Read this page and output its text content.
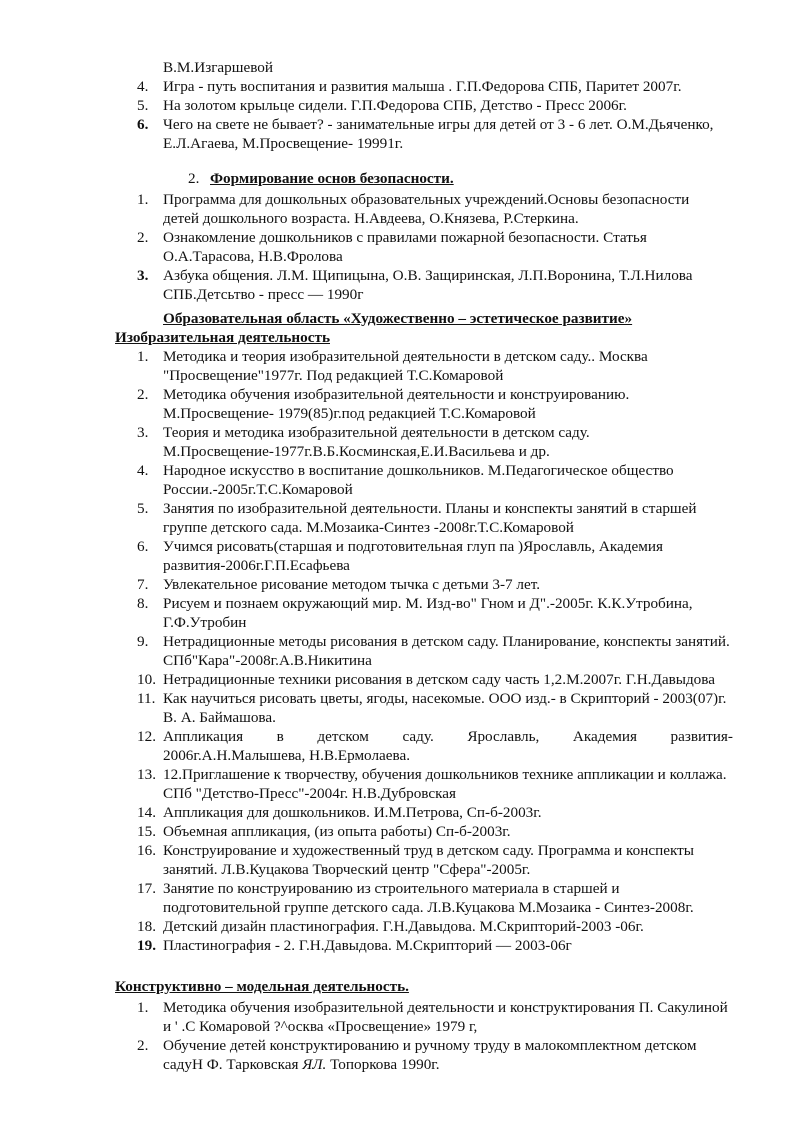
В.М.Изгаршевой
4. Игра - путь воспитания и развития малыша . Г.П.Федорова СПБ, Паритет 2007г.
5. На золотом крыльце сидели. Г.П.Федорова СПБ, Детство - Пресс 2006г.
6. Чего на свете не бывает? - занимательные игры для детей от 3 - 6 лет. О.М.Дьяченко, Е.Л.Агаева, М.Просвещение- 19991г.
2. Формирование основ безопасности.
1. Программа для дошкольных образовательных учреждений.Основы безопасности детей дошкольного возраста. Н.Авдеева, О.Князева, Р.Стеркина.
2. Ознакомление дошкольников с правилами пожарной безопасности. Статья О.А.Тарасова, Н.В.Фролова
3. Азбука общения. Л.М. Щипицына, О.В. Защиринская, Л.П.Воронина, Т.Л.Нилова СПБ.Детсьтво - пресс — 1990г
Образовательная область «Художественно – эстетическое развитие»
Изобразительная деятельность
1. Методика и теория изобразительной деятельности в детском саду.. Москва "Просвещение"1977г. Под редакцией Т.С.Комаровой
2. Методика обучения изобразительной деятельности и конструированию. М.Просвещение- 1979(85)г.под редакцией Т.С.Комаровой
3. Теория и методика изобразительной деятельности в детском саду. М.Просвещение-1977г.В.Б.Косминская,Е.И.Васильева и др.
4. Народное искусство в воспитание дошкольников. М.Педагогическое общество России.-2005г.Т.С.Комаровой
5. Занятия по изобразительной деятельности. Планы и конспекты занятий в старшей группе детского сада. М.Мозаика-Синтез -2008г.Т.С.Комаровой
6. Учимся рисовать(старшая и подготовительная глуп па )Ярославль, Академия развития-2006г.Г.П.Есафьева
7. Увлекательное рисование методом тычка с детьми 3-7 лет.
8. Рисуем и познаем окружающий мир. М. Изд-во" Гном и Д".-2005г. К.К.Утробина, Г.Ф.Утробин
9. Нетрадиционные методы рисования в детском саду. Планирование, конспекты занятий. СПб"Кара"-2008г.А.В.Никитина
10. Нетрадиционные техники рисования в детском саду часть 1,2.М.2007г. Г.Н.Давыдова
11. Как научиться рисовать цветы, ягоды, насекомые. ООО изд.- в Скрипторий - 2003(07)г. В. А. Баймашова.
12. Аппликация в детском саду. Ярославль, Академия развития-
2006г.А.Н.Малышева, Н.В.Ермолаева.
13. 12.Приглашение к творчеству, обучения дошкольников технике аппликации и коллажа. СПб "Детство-Пресс"-2004г. Н.В.Дубровская
14. Аппликация для дошкольников. И.М.Петрова, Сп-б-2003г.
15. Объемная аппликация, (из опыта работы) Сп-б-2003г.
16. Конструирование и художественный труд в детском саду. Программа и конспекты занятий. Л.В.Куцакова Творческий центр "Сфера"-2005г.
17. Занятие по конструированию из строительного материала в старшей и подготовительной группе детского сада. Л.В.Куцакова М.Мозаика - Синтез-2008г.
18. Детский дизайн пластинография. Г.Н.Давыдова. М.Скрипторий-2003 -06г.
19. Пластинография - 2. Г.Н.Давыдова. М.Скрипторий — 2003-06г
Конструктивно – модельная деятельность.
1. Методика обучения изобразительной деятельности и конструктирования П. Сакулиной и ' .С Комаровой ?^осква «Просвещение» 1979 г,
2. Обучение детей конструктированию и ручному труду в малокомплектном детском садуН Ф. Тарковская ЯЛ. Топоркова 1990г.
